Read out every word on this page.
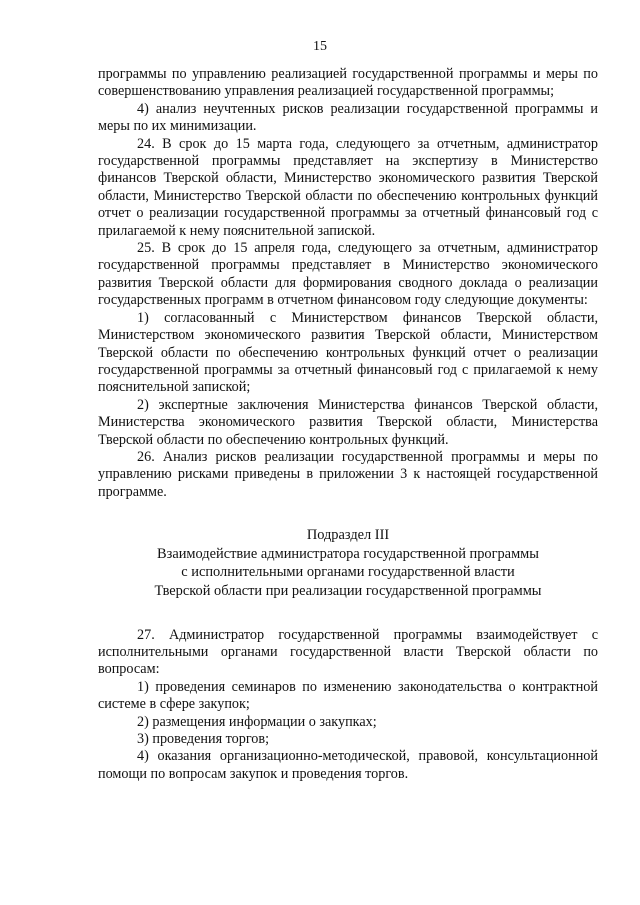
15

программы по управлению реализацией государственной программы и меры по совершенствованию управления реализацией государственной программы;

4) анализ неучтенных рисков реализации государственной программы и меры по их минимизации.

24. В срок до 15 марта года, следующего за отчетным, администратор государственной программы представляет на экспертизу в Министерство финансов Тверской области, Министерство экономического развития Тверской области, Министерство Тверской области по обеспечению контрольных функций отчет о реализации государственной программы за отчетный финансовый год с прилагаемой к нему пояснительной запиской.

25. В срок до 15 апреля года, следующего за отчетным, администратор государственной программы представляет в Министерство экономического развития Тверской области для формирования сводного доклада о реализации государственных программ в отчетном финансовом году следующие документы:

1) согласованный с Министерством финансов Тверской области, Министерством экономического развития Тверской области, Министерством Тверской области по обеспечению контрольных функций отчет о реализации государственной программы за отчетный финансовый год с прилагаемой к нему пояснительной запиской;

2) экспертные заключения Министерства финансов Тверской области, Министерства экономического развития Тверской области, Министерства Тверской области по обеспечению контрольных функций.

26. Анализ рисков реализации государственной программы и меры по управлению рисками приведены в приложении 3 к настоящей государственной программе.

Подраздел III

Взаимодействие администратора государственной программы

с исполнительными органами государственной власти

Тверской области при реализации государственной программы

27. Администратор государственной программы взаимодействует с исполнительными органами государственной власти Тверской области по вопросам:

1) проведения семинаров по изменению законодательства о контрактной системе в сфере закупок;

2) размещения информации о закупках;

3) проведения торгов;

4) оказания организационно-методической, правовой, консультационной помощи по вопросам закупок и проведения торгов.
